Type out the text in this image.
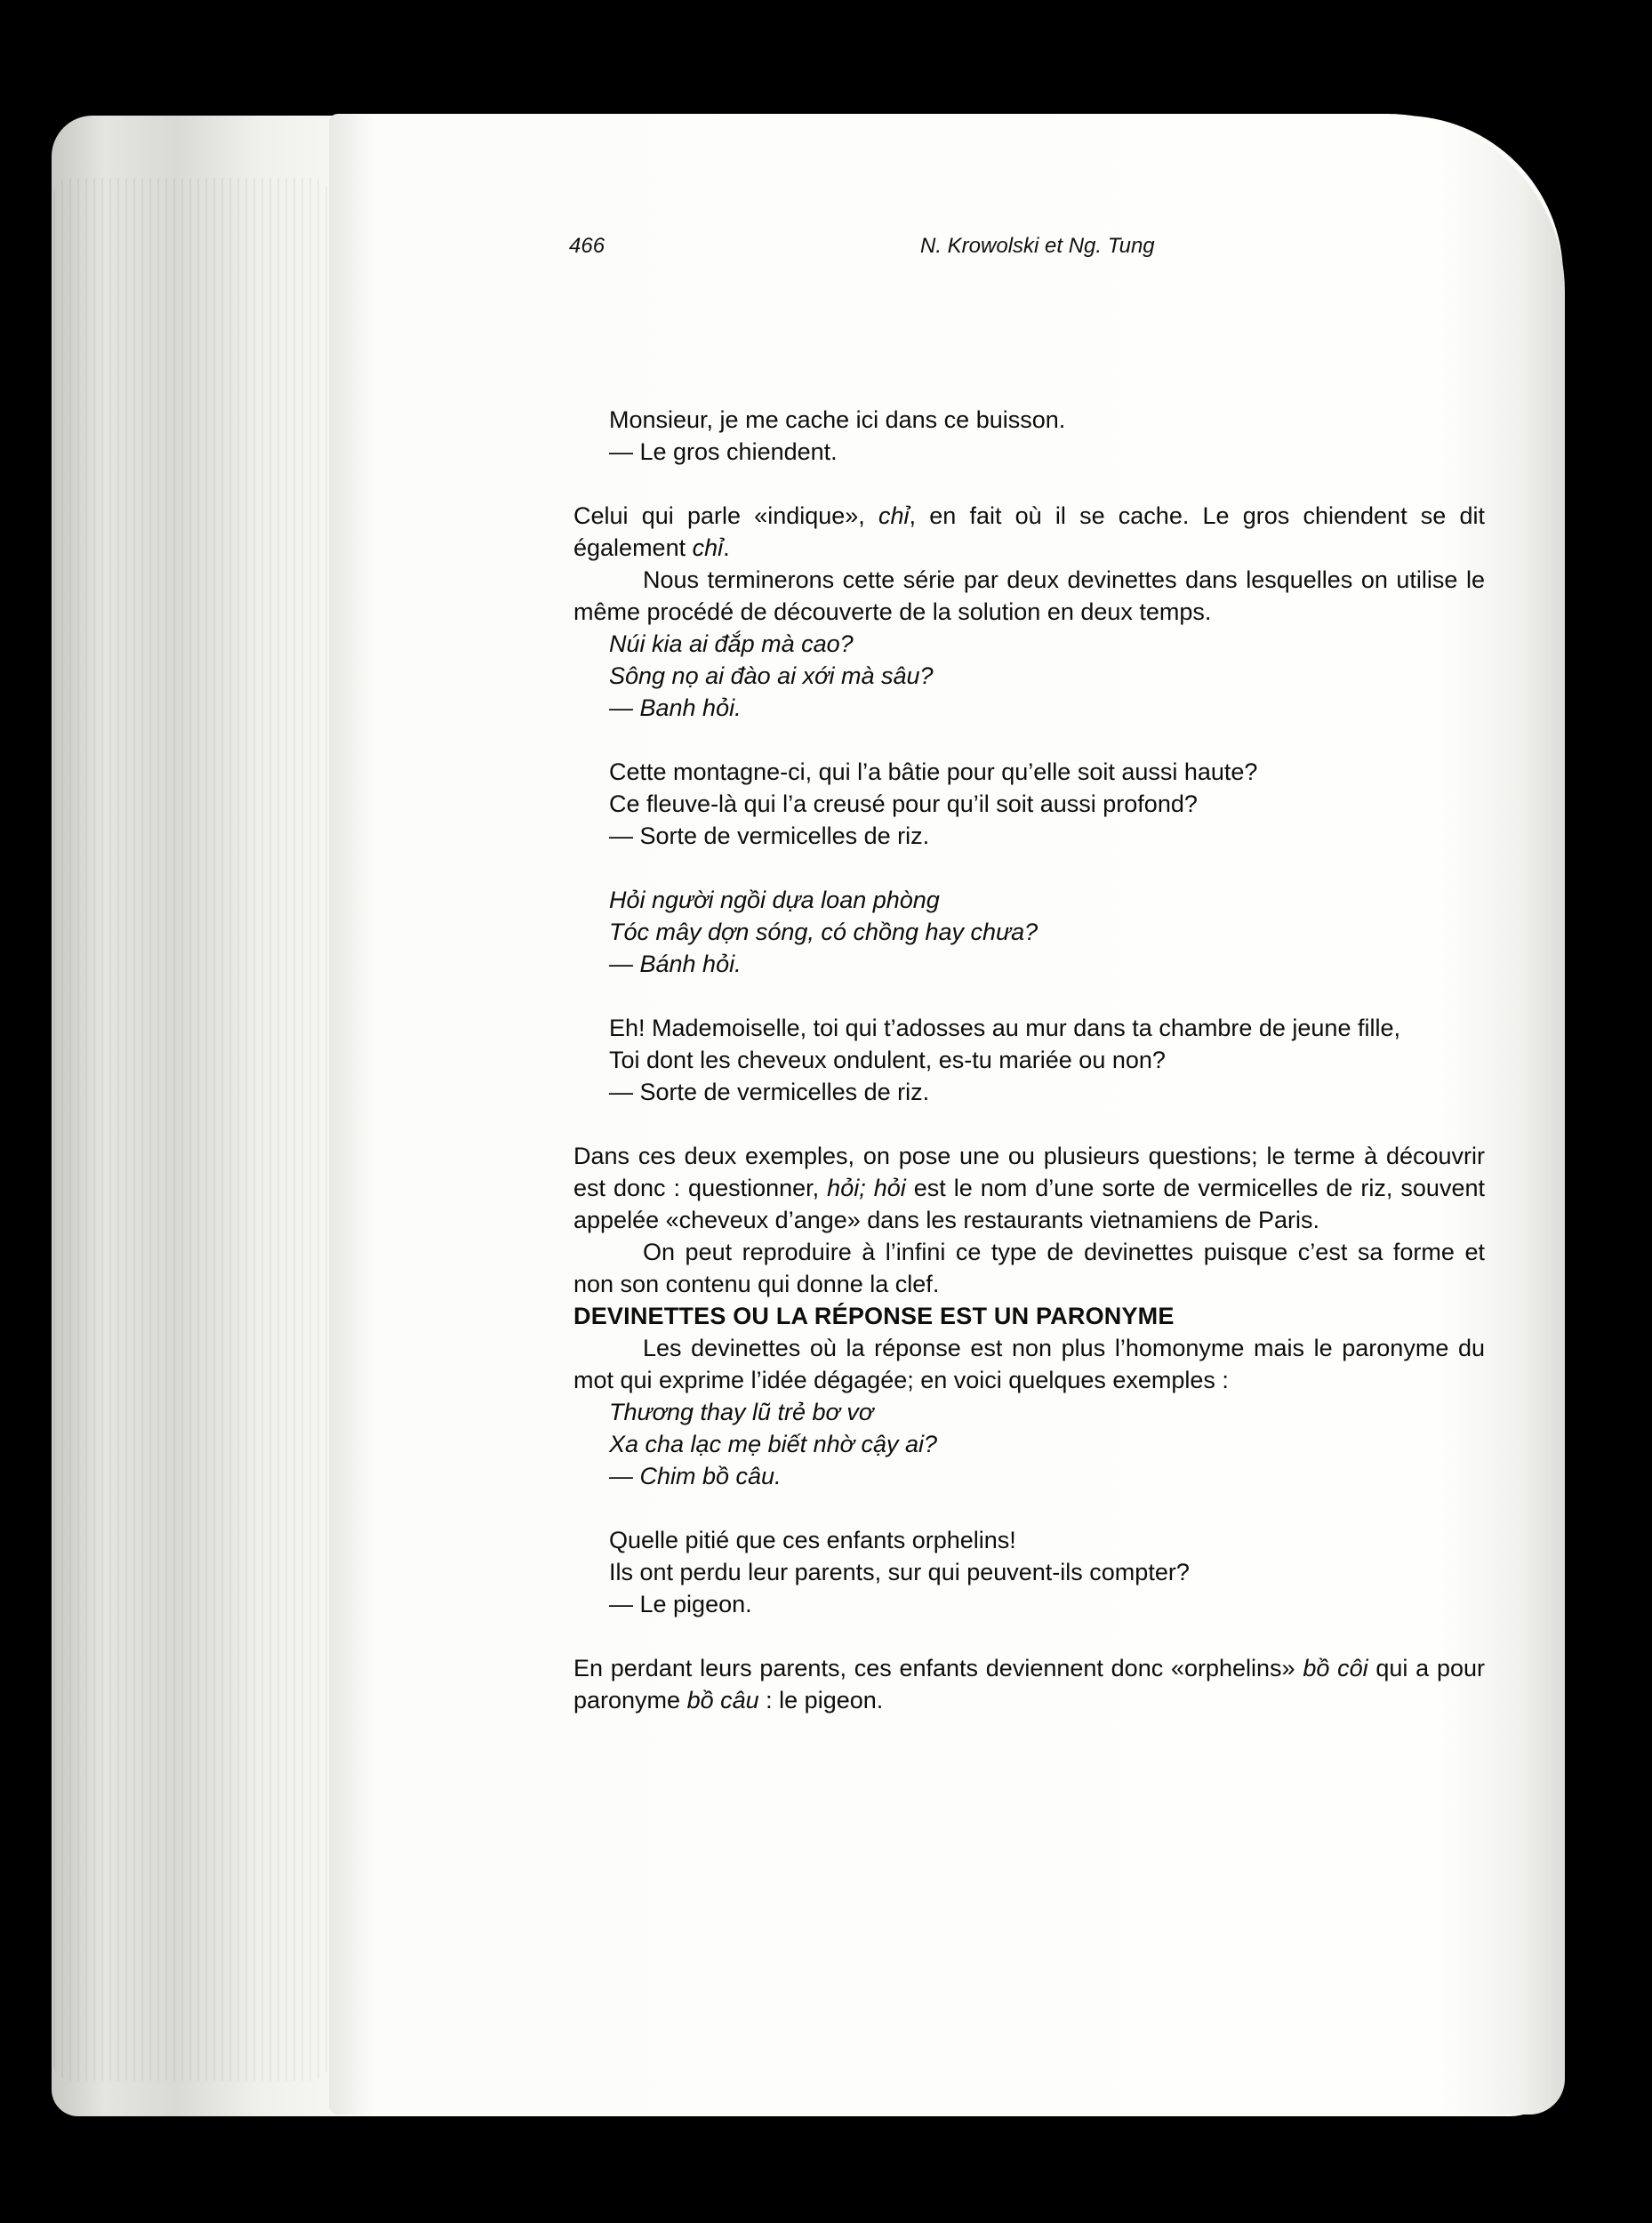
466	N. Krowolski et Ng. Tung

Monsieur, je me cache ici dans ce buisson.

— Le gros chiendent.

Celui qui parle «indique», chỉ, en fait où il se cache. Le gros chiendent se dit également chỉ.

Nous terminerons cette série par deux devinettes dans lesquelles on utilise le même procédé de découverte de la solution en deux temps.

Núi kia ai đắp mà cao?

Sông nọ ai đào ai xới mà sâu?

— Banh hỏi.

Cette montagne-ci, qui l’a bâtie pour qu’elle soit aussi haute?

Ce fleuve-là qui l’a creusé pour qu’il soit aussi profond?

— Sorte de vermicelles de riz.

Hỏi người ngồi dựa loan phòng

Tóc mây dợn sóng, có chồng hay chưa?

— Bánh hỏi.

Eh! Mademoiselle, toi qui t’adosses au mur dans ta chambre de jeune fille,

Toi dont les cheveux ondulent, es-tu mariée ou non?

— Sorte de vermicelles de riz.

Dans ces deux exemples, on pose une ou plusieurs questions; le terme à découvrir est donc : questionner, hỏi; hỏi est le nom d’une sorte de vermicelles de riz, souvent appelée «cheveux d’ange» dans les restaurants vietnamiens de Paris.

On peut reproduire à l’infini ce type de devinettes puisque c’est sa forme et non son contenu qui donne la clef.

DEVINETTES OU LA RÉPONSE EST UN PARONYME

Les devinettes où la réponse est non plus l’homonyme mais le paronyme du mot qui exprime l’idée dégagée; en voici quelques exemples :

Thương thay lũ trẻ bơ vơ

Xa cha lạc mẹ biết nhờ cậy ai?

— Chim bồ câu.

Quelle pitié que ces enfants orphelins!

Ils ont perdu leur parents, sur qui peuvent-ils compter?

— Le pigeon.

En perdant leurs parents, ces enfants deviennent donc «orphelins» bồ côi qui a pour paronyme bồ câu : le pigeon.
